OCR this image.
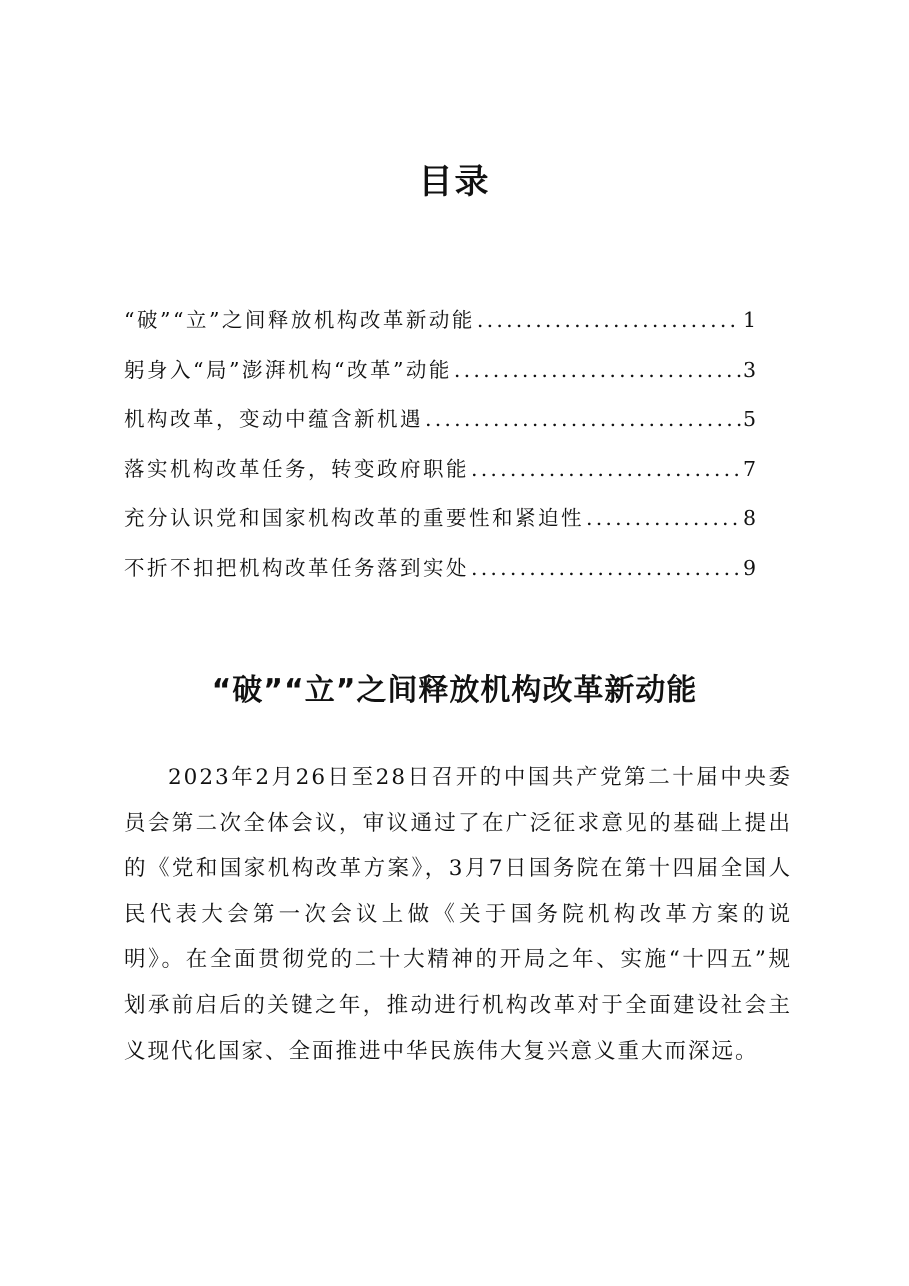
目录
“破”“立”之间释放机构改革新动能 .....	1
躬身入“局”澎湃机构“改革”动能 .....	3
机构改革，变动中蕴含新机遇 .....	5
落实机构改革任务，转变政府职能 .....	7
充分认识党和国家机构改革的重要性和紧迫性 .....	8
不折不扣把机构改革任务落到实处 .....	9
“破”“立”之间释放机构改革新动能

2023年2月26日至28日召开的中国共产党第二十届中央委员会第二次全体会议，审议通过了在广泛征求意见的基础上提出的《党和国家机构改革方案》，3月7日国务院在第十四届全国人民代表大会第一次会议上做《关于国务院机构改革方案的说明》。在全面贯彻党的二十大精神的开局之年、实施“十四五”规划承前启后的关键之年，推动进行机构改革对于全面建设社会主义现代化国家、全面推进中华民族伟大复兴意义重大而深远。
